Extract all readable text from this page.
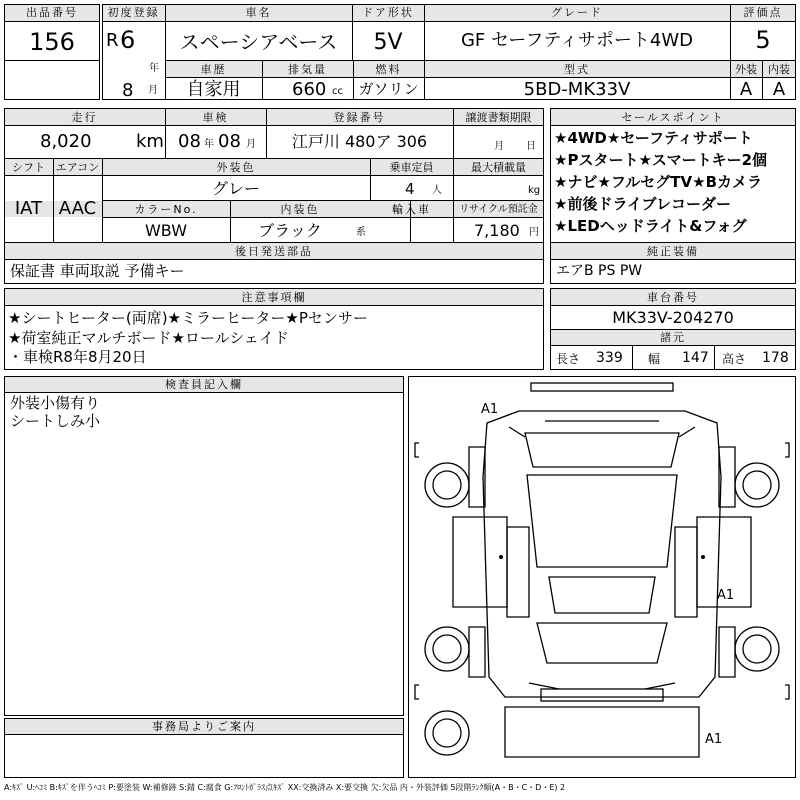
出品番号
156
初度登録
R 6
年
8 月
車名
スペーシアベース
ドア形状
5V
グレード
GF セーフティサポート4WD
評価点
5
車歴
自家用
排気量
660 cc
燃料
ガソリン
型式
5BD-MK33V
外装	内装
A	A
走行
8,020 km
車検
08 年 08 月
登録番号
江戸川 480ア 306
譲渡書類期限
月 日
シフト
IAT
エアコン
AAC
外装色
グレー
乗車定員
4 人
最大積載量
kg
カラーNo.
WBW
内装色
ブラック	系
輸入車	リサイクル預託金
7,180 円
後日発送部品
保証書 車両取説 予備キー
セールスポイント
★4WD★セーフティサポート
★Pスタート★スマートキー2個
★ナビ★フルセグTV★Bカメラ
★前後ドライブレコーダー
★LEDヘッドライト&フォグ
純正装備
エアB PS PW
注意事項欄
★シートヒーター(両席)★ミラーヒーター★Pセンサー
★荷室純正マルチボード★ロールシェイド
・車検R8年8月20日
車台番号
MK33V-204270
諸元
長さ 339 幅 147 高さ 178
検査員記入欄
外装小傷有り
シートしみ小
事務局よりご案内
A1
A1
A1
A:ｷｽﾞ U:ﾍｺﾐ B:ｷｽﾞを伴うﾍｺﾐ P:要塗装 W:補修跡 S:錆 C:腐食 G:ﾌﾛﾝﾄｶﾞﾗｽ点ｷｽﾞ XX:交換済み X:要交換 欠:欠品 内・外装評価 5段階ﾗﾝｸ順(A・B・C・D・E) 2
